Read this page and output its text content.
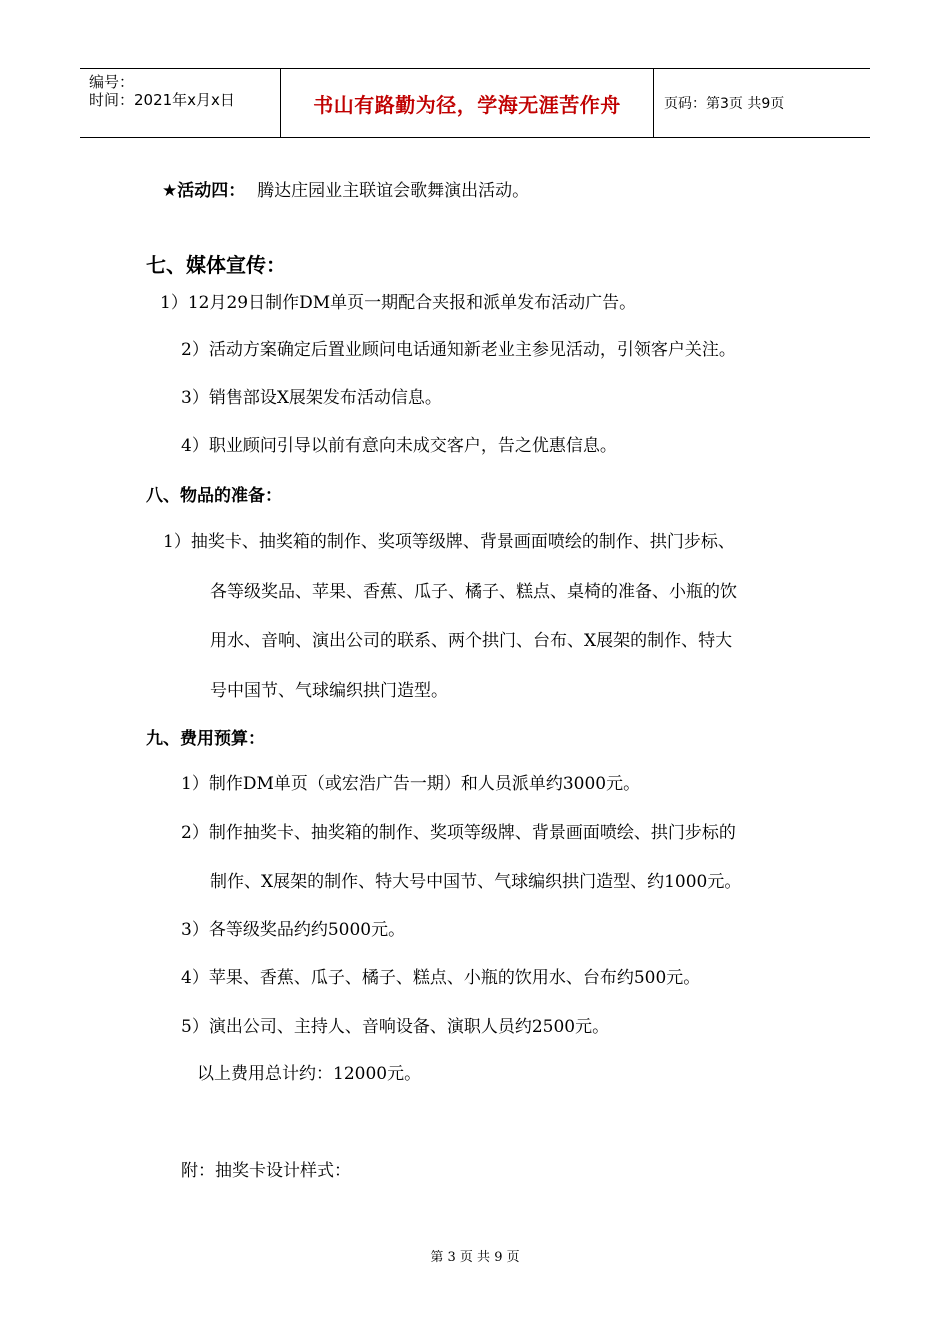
编号：
时间：2021年x月x日	书山有路勤为径，学海无涯苦作舟	页码：第3页 共9页
★活动四： 腾达庄园业主联谊会歌舞演出活动。
七、媒体宣传：
1）12月29日制作DM单页一期配合夹报和派单发布活动广告。
2）活动方案确定后置业顾问电话通知新老业主参见活动，引领客户关注。
3）销售部设X展架发布活动信息。
4）职业顾问引导以前有意向未成交客户，告之优惠信息。
八、物品的准备：
1）抽奖卡、抽奖箱的制作、奖项等级牌、背景画面喷绘的制作、拱门步标、
各等级奖品、苹果、香蕉、瓜子、橘子、糕点、桌椅的准备、小瓶的饮
用水、音响、演出公司的联系、两个拱门、台布、X展架的制作、特大
号中国节、气球编织拱门造型。
九、费用预算：
1）制作DM单页（或宏浩广告一期）和人员派单约3000元。
2）制作抽奖卡、抽奖箱的制作、奖项等级牌、背景画面喷绘、拱门步标的
制作、X展架的制作、特大号中国节、气球编织拱门造型、约1000元。
3）各等级奖品约约5000元。
4）苹果、香蕉、瓜子、橘子、糕点、小瓶的饮用水、台布约500元。
5）演出公司、主持人、音响设备、演职人员约2500元。
以上费用总计约：12000元。
附：抽奖卡设计样式：
第 3 页 共 9 页
